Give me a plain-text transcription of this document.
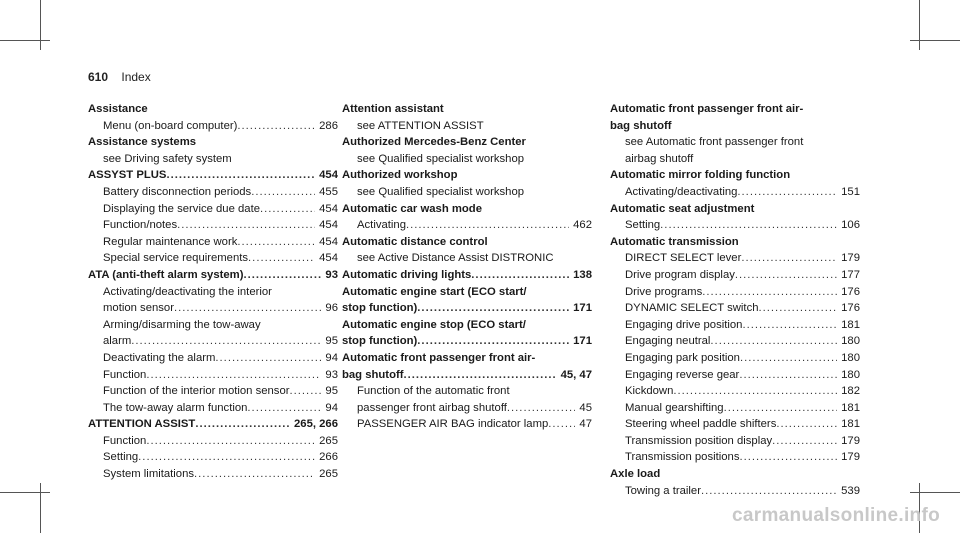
610 Index
Assistance
Menu (on-board computer) .....	286
Assistance systems
see Driving safety system
ASSYST PLUS .....	454
Battery disconnection periods .....	455
Displaying the service due date .....	454
Function/notes .....	454
Regular maintenance work .....	454
Special service requirements .....	454
ATA (anti-theft alarm system) .....	93
Activating/deactivating the interior
motion sensor .....	96
Arming/disarming the tow-away
alarm .....	95
Deactivating the alarm .....	94
Function .....	93
Function of the interior motion sensor .....	95
The tow-away alarm function .....	94
ATTENTION ASSIST .....	265, 266
Function .....	265
Setting .....	266
System limitations .....	265
Attention assistant
see ATTENTION ASSIST
Authorized Mercedes-Benz Center
see Qualified specialist workshop
Authorized workshop
see Qualified specialist workshop
Automatic car wash mode
Activating .....	462
Automatic distance control
see Active Distance Assist DISTRONIC
Automatic driving lights .....	138
Automatic engine start (ECO start/
stop function) .....	171
Automatic engine stop (ECO start/
stop function) .....	171
Automatic front passenger front air-
bag shutoff .....	45, 47
Function of the automatic front
passenger front airbag shutoff .....	45
PASSENGER AIR BAG indicator lamp .....	47
Automatic front passenger front air-
bag shutoff
see Automatic front passenger front
airbag shutoff
Automatic mirror folding function
Activating/deactivating .....	151
Automatic seat adjustment
Setting .....	106
Automatic transmission
DIRECT SELECT lever .....	179
Drive program display .....	177
Drive programs .....	176
DYNAMIC SELECT switch .....	176
Engaging drive position .....	181
Engaging neutral .....	180
Engaging park position .....	180
Engaging reverse gear .....	180
Kickdown .....	182
Manual gearshifting .....	181
Steering wheel paddle shifters .....	181
Transmission position display .....	179
Transmission positions .....	179
Axle load
Towing a trailer .....	539
carmanualsonline.info
